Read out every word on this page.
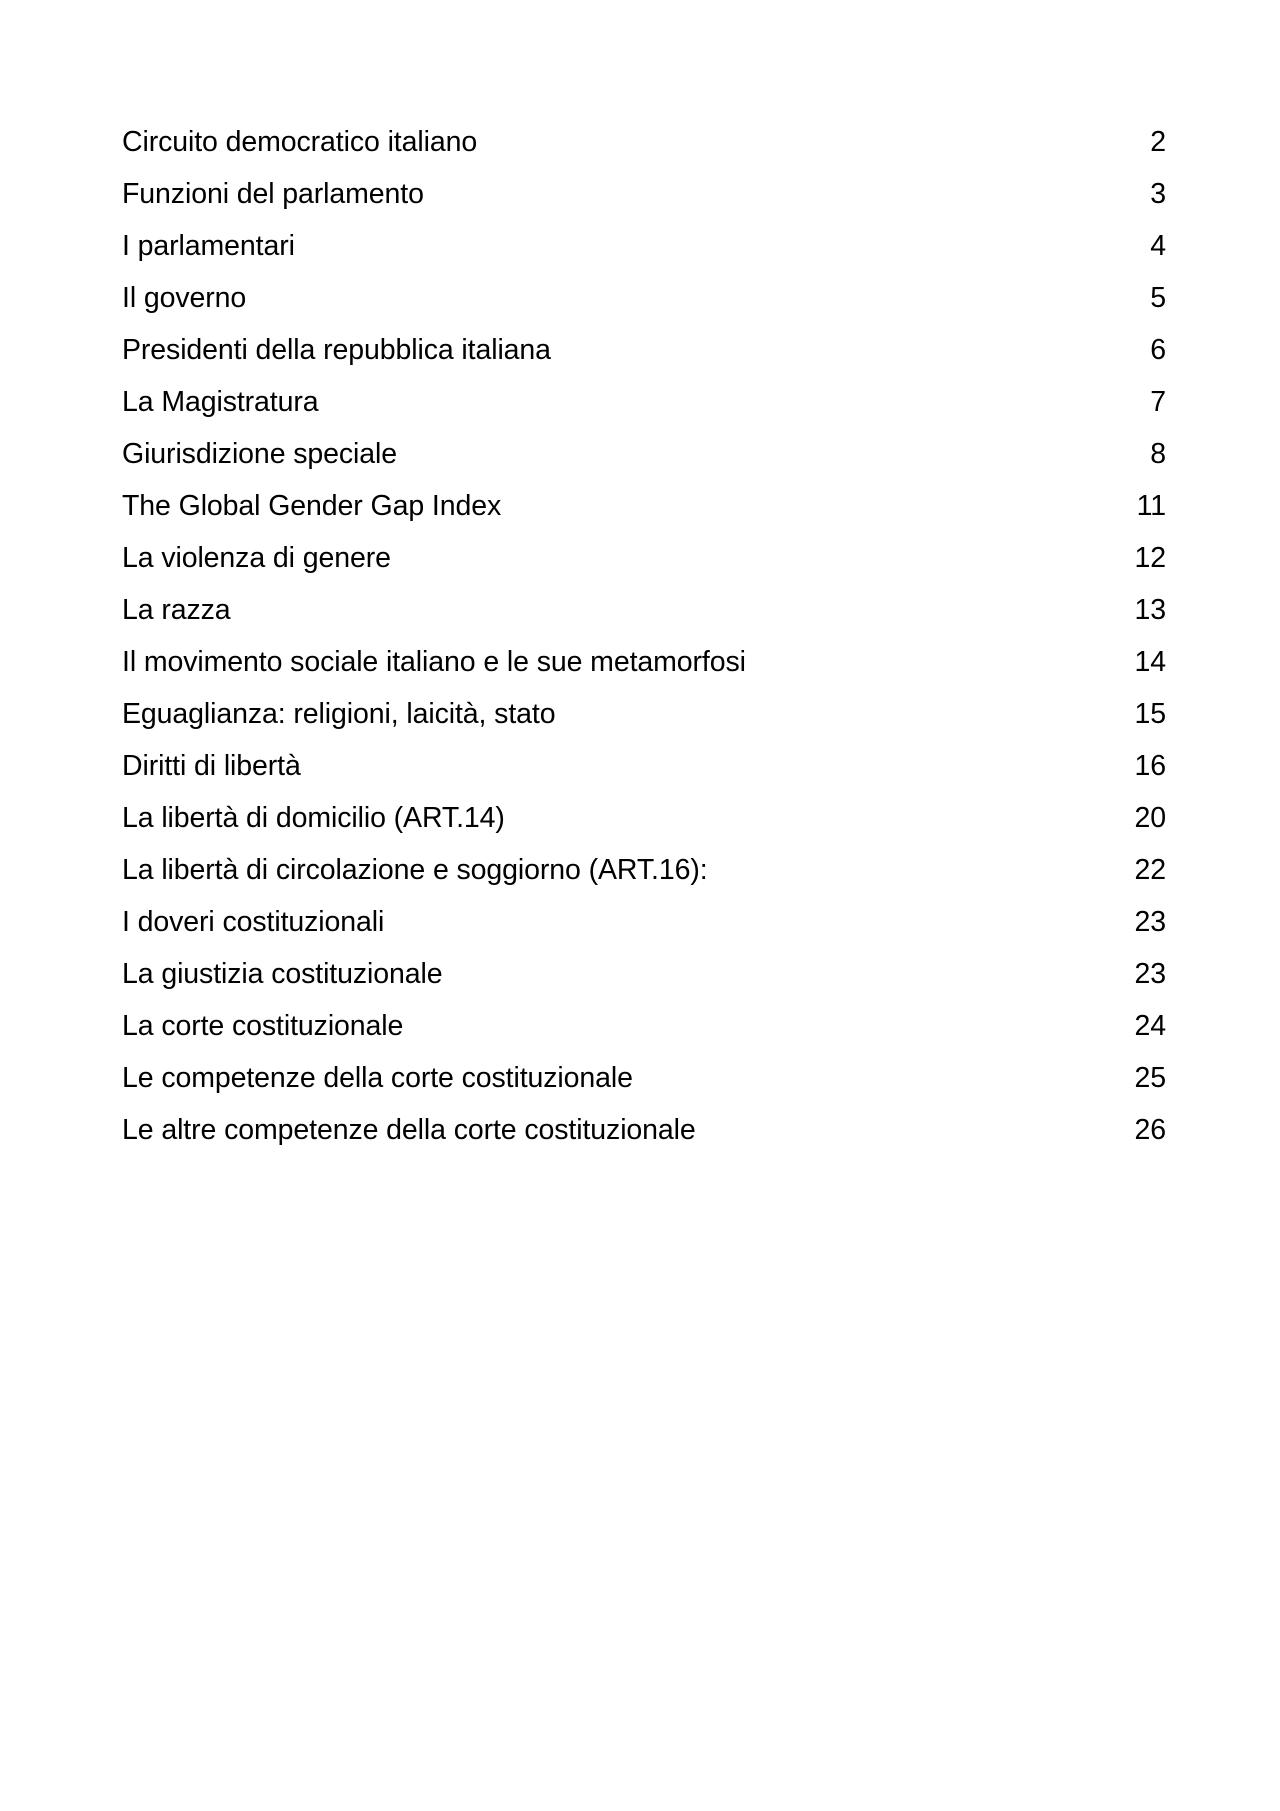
Circuito democratico italiano	2
Funzioni del parlamento	3
I parlamentari	4
Il governo	5
Presidenti della repubblica italiana	6
La Magistratura	7
Giurisdizione speciale	8
The Global Gender Gap Index	11
La violenza di genere	12
La razza	13
Il movimento sociale italiano e le sue metamorfosi	14
Eguaglianza: religioni, laicità, stato	15
Diritti di libertà	16
La libertà di domicilio (ART.14)	20
La libertà di circolazione e soggiorno (ART.16):	22
I doveri costituzionali	23
La giustizia costituzionale	23
La corte costituzionale	24
Le competenze della corte costituzionale	25
Le altre competenze della corte costituzionale	26
